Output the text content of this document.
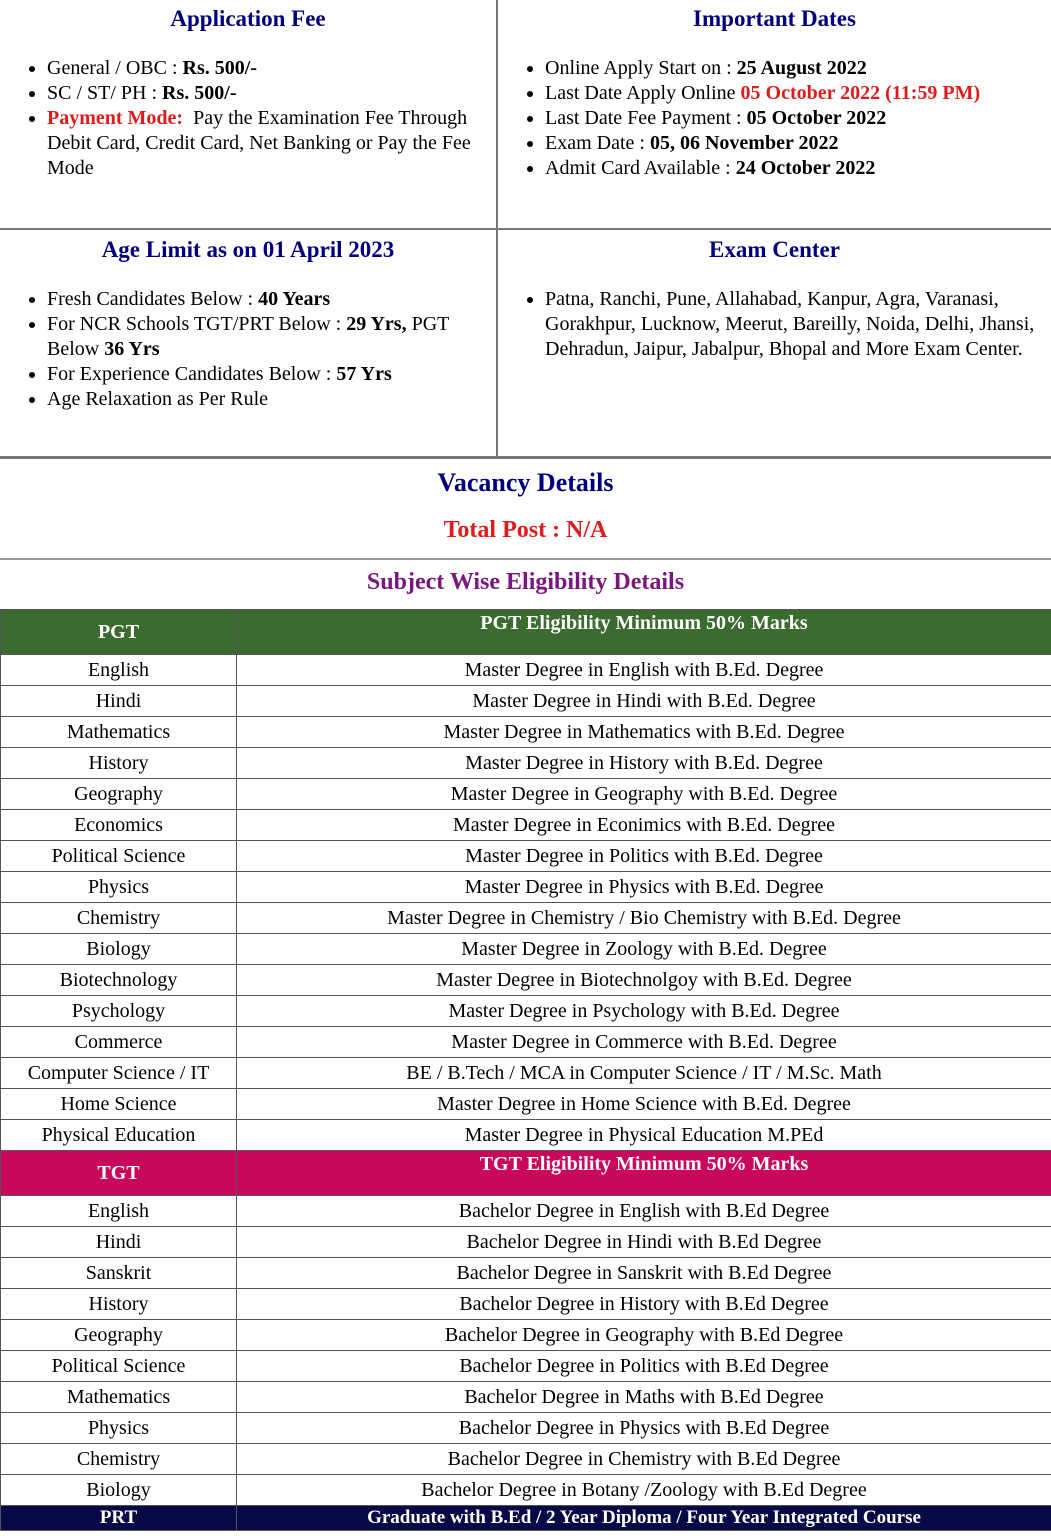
Application Fee
• General / OBC : Rs. 500/-
• SC / ST/ PH : Rs. 500/-
• Payment Mode:  Pay the Examination Fee Through Debit Card, Credit Card, Net Banking or Pay the Fee Mode
Important Dates
• Online Apply Start on : 25 August 2022
• Last Date Apply Online 05 October 2022 (11:59 PM)
• Last Date Fee Payment : 05 October 2022
• Exam Date : 05, 06 November 2022
• Admit Card Available : 24 October 2022
Age Limit as on 01 April 2023
• Fresh Candidates Below : 40 Years
• For NCR Schools TGT/PRT Below : 29 Yrs, PGT Below 36 Yrs
• For Experience Candidates Below : 57 Yrs
• Age Relaxation as Per Rule
Exam Center
• Patna, Ranchi, Pune, Allahabad, Kanpur, Agra, Varanasi, Gorakhpur, Lucknow, Meerut, Bareilly, Noida, Delhi, Jhansi, Dehradun, Jaipur, Jabalpur, Bhopal and More Exam Center.
Vacancy Details
Total Post : N/A
Subject Wise Eligibility Details
PGT	PGT Eligibility Minimum 50% Marks
English	Master Degree in English with B.Ed. Degree
Hindi	Master Degree in Hindi with B.Ed. Degree
Mathematics	Master Degree in Mathematics with B.Ed. Degree
History	Master Degree in History with B.Ed. Degree
Geography	Master Degree in Geography with B.Ed. Degree
Economics	Master Degree in Econimics with B.Ed. Degree
Political Science	Master Degree in Politics with B.Ed. Degree
Physics	Master Degree in Physics with B.Ed. Degree
Chemistry	Master Degree in Chemistry / Bio Chemistry with B.Ed. Degree
Biology	Master Degree in Zoology with B.Ed. Degree
Biotechnology	Master Degree in Biotechnolgoy with B.Ed. Degree
Psychology	Master Degree in Psychology with B.Ed. Degree
Commerce	Master Degree in Commerce with B.Ed. Degree
Computer Science / IT	BE / B.Tech / MCA in Computer Science / IT / M.Sc. Math
Home Science	Master Degree in Home Science with B.Ed. Degree
Physical Education	Master Degree in Physical Education M.PEd
TGT	TGT Eligibility Minimum 50% Marks
English	Bachelor Degree in English with B.Ed Degree
Hindi	Bachelor Degree in Hindi with B.Ed Degree
Sanskrit	Bachelor Degree in Sanskrit with B.Ed Degree
History	Bachelor Degree in History with B.Ed Degree
Geography	Bachelor Degree in Geography with B.Ed Degree
Political Science	Bachelor Degree in Politics with B.Ed Degree
Mathematics	Bachelor Degree in Maths with B.Ed Degree
Physics	Bachelor Degree in Physics with B.Ed Degree
Chemistry	Bachelor Degree in Chemistry with B.Ed Degree
Biology	Bachelor Degree in Botany /Zoology with B.Ed Degree
PRT	Graduate with B.Ed / 2 Year Diploma / Four Year Integrated Course
